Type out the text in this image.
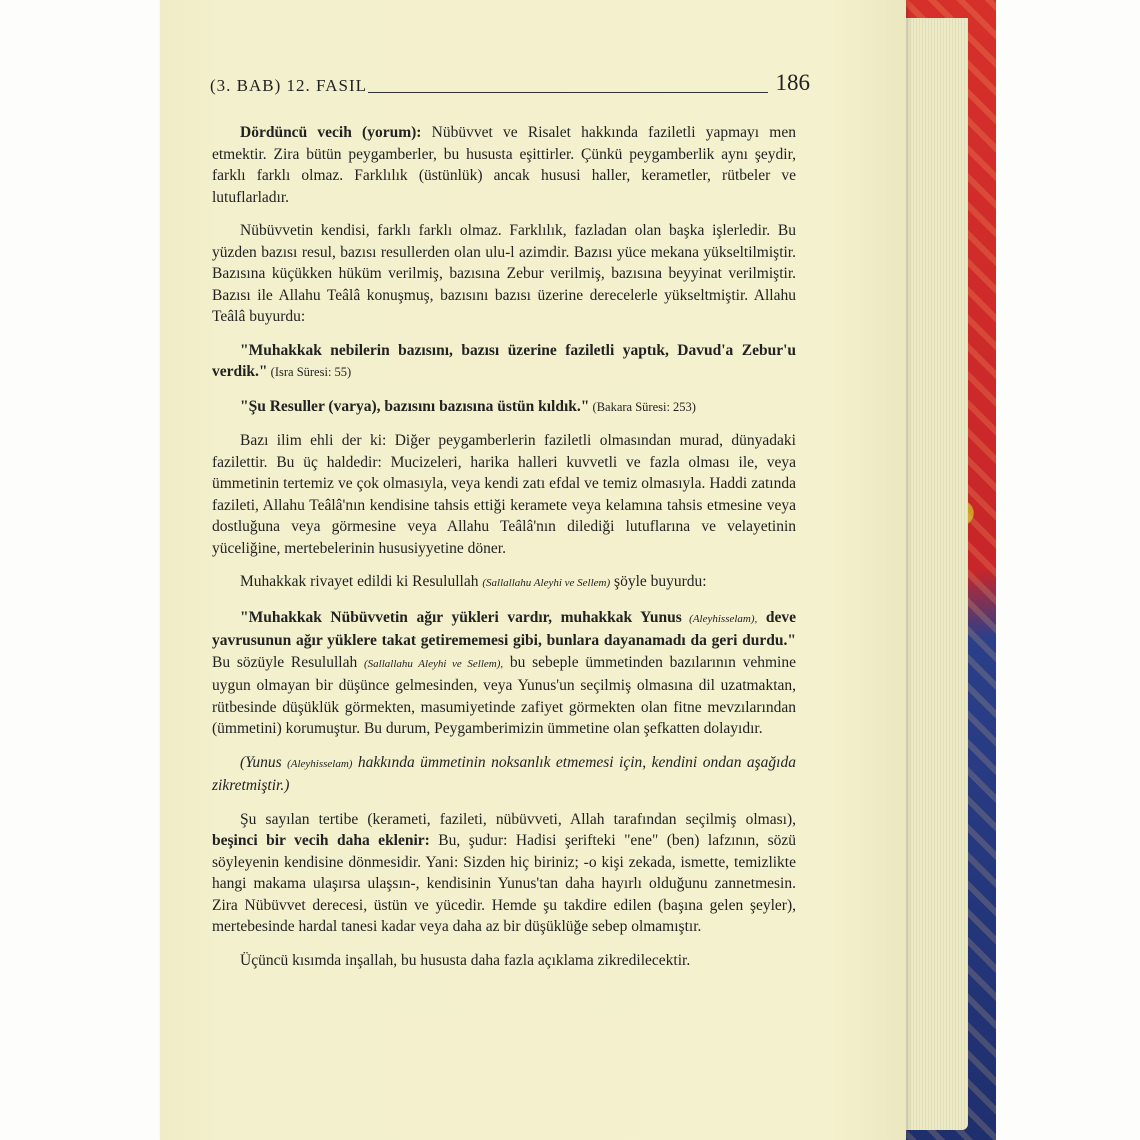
(3. BAB) 12. FASIL	186

Dördüncü vecih (yorum): Nübüvvet ve Risalet hakkında faziletli yapmayı men etmektir. Zira bütün peygamberler, bu hususta eşittirler. Çünkü peygamberlik aynı şeydir, farklı farklı olmaz. Farklılık (üstünlük) ancak hususi haller, kerametler, rütbeler ve lutuflarladır.

Nübüvvetin kendisi, farklı farklı olmaz. Farklılık, fazladan olan başka işlerledir. Bu yüzden bazısı resul, bazısı resullerden olan ulu-l azimdir. Bazısı yüce mekana yükseltilmiştir. Bazısına küçükken hüküm verilmiş, bazısına Zebur verilmiş, bazısına beyyinat verilmiştir. Bazısı ile Allahu Teâlâ konuşmuş, bazısını bazısı üzerine derecelerle yükseltmiştir. Allahu Teâlâ buyurdu:

"Muhakkak nebilerin bazısını, bazısı üzerine faziletli yaptık, Davud'a Zebur'u verdik." (Isra Süresi: 55)

"Şu Resuller (varya), bazısını bazısına üstün kıldık." (Bakara Süresi: 253)

Bazı ilim ehli der ki: Diğer peygamberlerin faziletli olmasından murad, dünyadaki fazilettir. Bu üç haldedir: Mucizeleri, harika halleri kuvvetli ve fazla olması ile, veya ümmetinin tertemiz ve çok olmasıyla, veya kendi zatı efdal ve temiz olmasıyla. Haddi zatında fazileti, Allahu Teâlâ'nın kendisine tahsis ettiği keramete veya kelamına tahsis etmesine veya dostluğuna veya görmesine veya Allahu Teâlâ'nın dilediği lutuflarına ve velayetinin yüceliğine, mertebelerinin hususiyyetine döner.

Muhakkak rivayet edildi ki Resulullah (Sallallahu Aleyhi ve Sellem) şöyle buyurdu:

"Muhakkak Nübüvvetin ağır yükleri vardır, muhakkak Yunus (Aleyhisselam), deve yavrusunun ağır yüklere takat getirememesi gibi, bunlara dayanamadı da geri durdu." Bu sözüyle Resulullah (Sallallahu Aleyhi ve Sellem), bu sebeple ümmetinden bazılarının vehmine uygun olmayan bir düşünce gelmesinden, veya Yunus'un seçilmiş olmasına dil uzatmaktan, rütbesinde düşüklük görmekten, masumiyetinde zafiyet görmekten olan fitne mevzılarından (ümmetini) korumuştur. Bu durum, Peygamberimizin ümmetine olan şefkatten dolayıdır.

(Yunus (Aleyhisselam) hakkında ümmetinin noksanlık etmemesi için, kendini ondan aşağıda zikretmiştir.)

Şu sayılan tertibe (kerameti, fazileti, nübüvveti, Allah tarafından seçilmiş olması), beşinci bir vecih daha eklenir: Bu, şudur: Hadisi şerifteki "ene" (ben) lafzının, sözü söyleyenin kendisine dönmesidir. Yani: Sizden hiç biriniz; -o kişi zekada, ismette, temizlikte hangi makama ulaşırsa ulaşsın-, kendisinin Yunus'tan daha hayırlı olduğunu zannetmesin. Zira Nübüvvet derecesi, üstün ve yücedir. Hemde şu takdire edilen (başına gelen şeyler), mertebesinde hardal tanesi kadar veya daha az bir düşüklüğe sebep olmamıştır.

Üçüncü kısımda inşallah, bu hususta daha fazla açıklama zikredilecektir.
